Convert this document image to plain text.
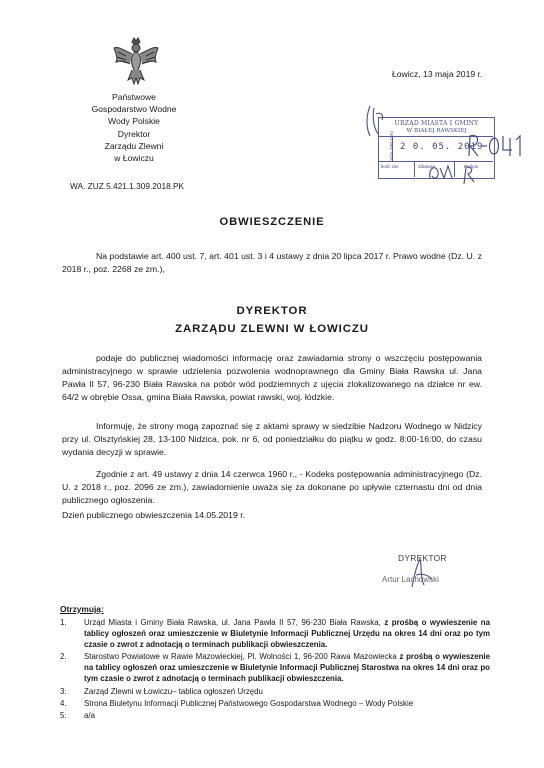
Państwowe
Gospodarstwo Wodne
Wody Polskie
Dyrektor
Zarządu Zlewni
w Łowiczu
Łowicz, 13 maja 2019 r.
URZĄD MIASTA I GMINY
W BIAŁEJ RAWSKIEJ
DATA WPŁYWU 2 0. 05. 2019
Ilość zał.	Załatwia	Podpis
WA. ZUZ.5.421.1.309.2018.PK
OBWIESZCZENIE

Na podstawie art. 400 ust. 7, art. 401 ust. 3 i 4 ustawy z dnia 20 lipca 2017 r. Prawo wodne (Dz. U. z 2018 r., poz. 2268 ze zm.),

DYREKTOR
ZARZĄDU ZLEWNI W ŁOWICZU

podaje do publicznej wiadomości informację oraz zawiadamia strony o wszczęciu postępowania administracyjnego w sprawie udzielenia pozwolenia wodnoprawnego dla Gminy Biała Rawska ul. Jana Pawła II 57, 96-230 Biała Rawska na pobór wód podziemnych z ujęcia zlokalizowanego na działce nr ew. 64/2 w obrębie Ossa, gmina Biała Rawska, powiat rawski, woj. łódzkie.

Informuję, że strony mogą zapoznać się z aktami sprawy w siedzibie Nadzoru Wodnego w Nidzicy przy ul. Olsztyńskiej 28, 13-100 Nidzica, pok. nr 6, od poniedziałku do piątku w godz. 8:00-16:00, do czasu wydania decyzji w sprawie.

Zgodnie z art. 49 ustawy z dnia 14 czerwca 1960 r., - Kodeks postępowania administracyjnego (Dz. U. z 2018 r., poz. 2096 ze zm.), zawiadomienie uważa się za dokonane po upływie czternastu dni od dnia publicznego ogłoszenia.

Dzień publicznego obwieszczenia 14.05.2019 r.

DYREKTOR
Artur Lachowski
Otrzymują:
1. Urząd Miasta i Gminy Biała Rawska, ul. Jana Pawła II 57, 96-230 Biała Rawska, z prośbą o wywieszenie na tablicy ogłoszeń oraz umieszczenie w Biuletynie Informacji Publicznej Urzędu na okres 14 dni oraz po tym czasie o zwrot z adnotacją o terminach publikacji obwieszczenia.
2. Starostwo Powiatowe w Rawie Mazowieckiej, Pl. Wolności 1, 96-200 Rawa Mazowiecka z prośbą o wywieszenie na tablicy ogłoszeń oraz umieszczenie w Biuletynie Informacji Publicznej Starostwa na okres 14 dni oraz po tym czasie o zwrot z adnotacją o terminach publikacji obwieszczenia.
3. Zarząd Zlewni w Łowiczu– tablica ogłoszeń Urzędu
4. Strona Biuletynu Informacji Publicznej Państwowego Gospodarstwa Wodnego – Wody Polskie
5. a/a
